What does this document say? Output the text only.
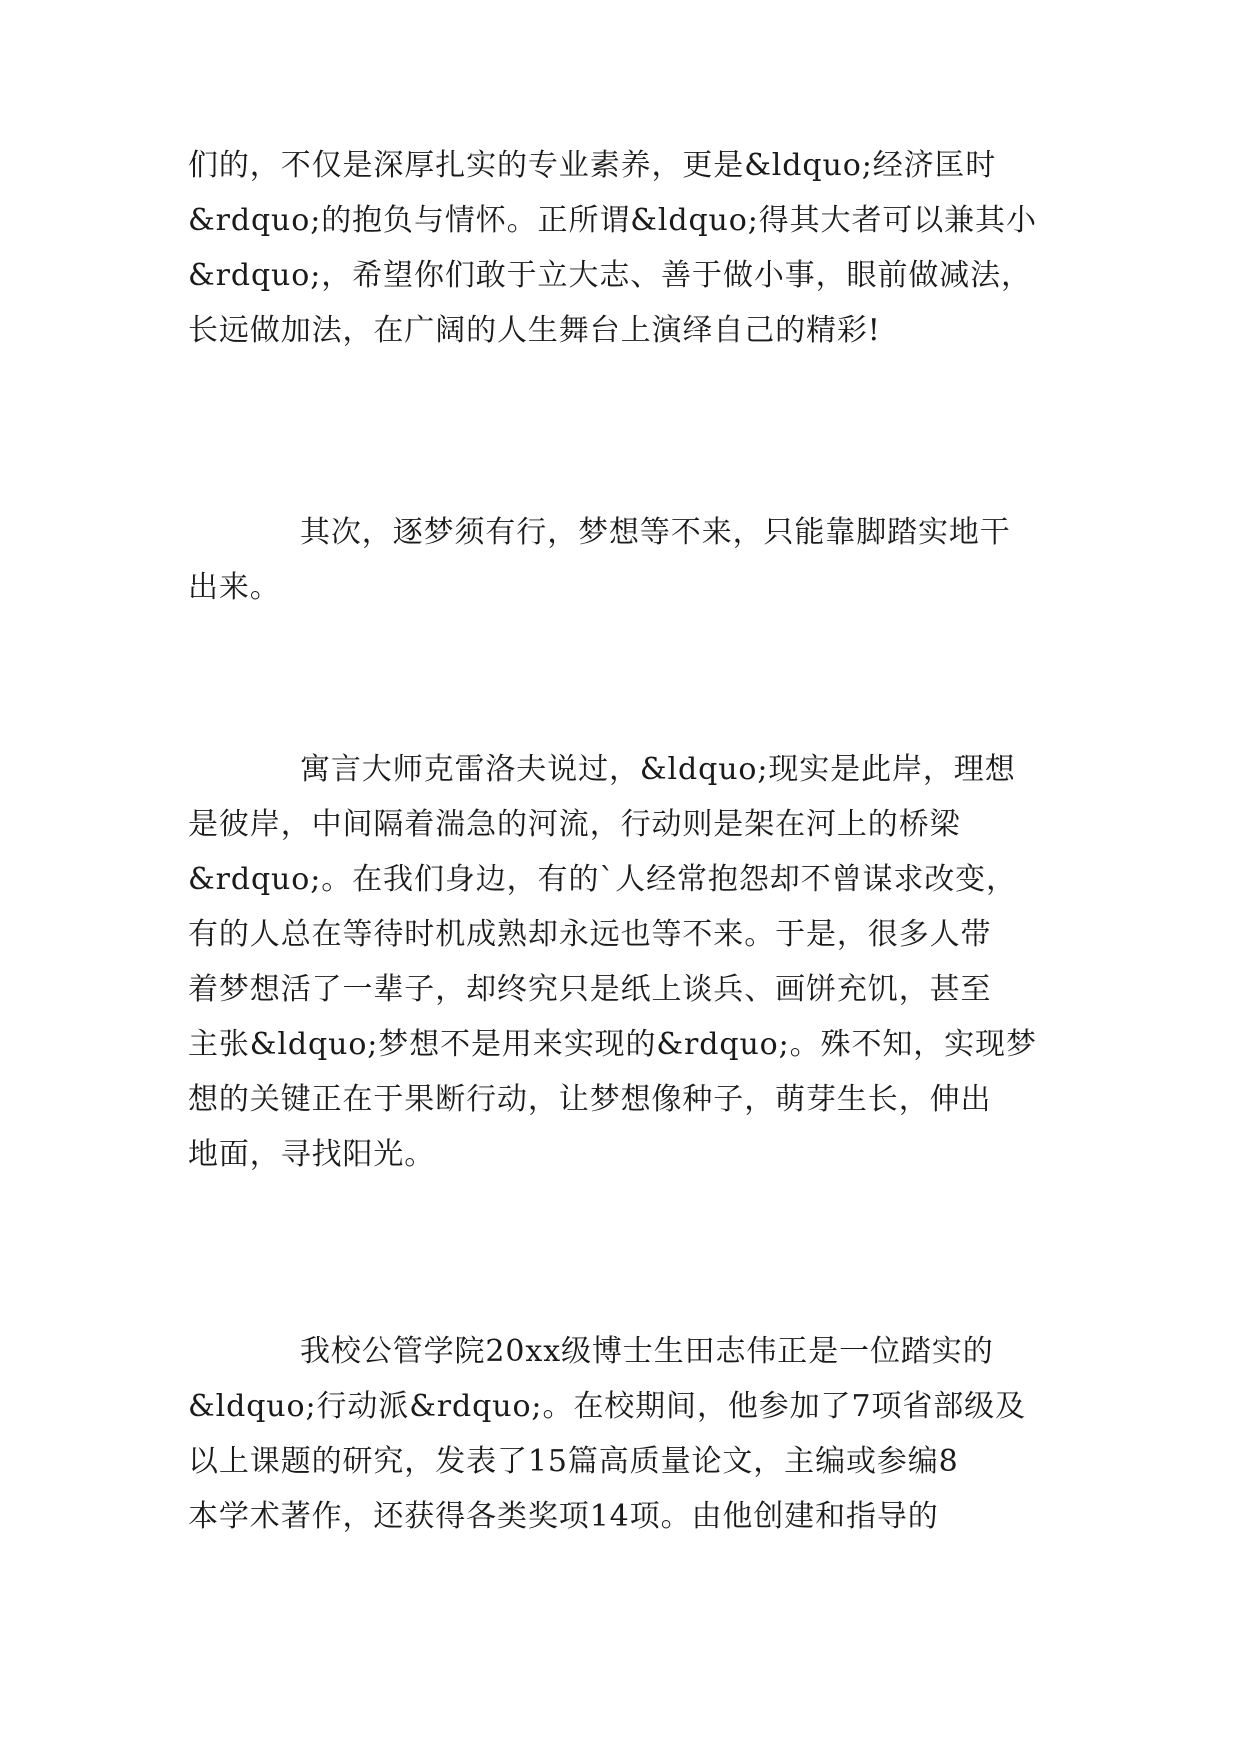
们的，不仅是深厚扎实的专业素养，更是&ldquo;经济匡时
&rdquo;的抱负与情怀。正所谓&ldquo;得其大者可以兼其小
&rdquo;，希望你们敢于立大志、善于做小事，眼前做减法，
长远做加法，在广阔的人生舞台上演绎自己的精彩!

其次，逐梦须有行，梦想等不来，只能靠脚踏实地干
出来。

寓言大师克雷洛夫说过，&ldquo;现实是此岸，理想
是彼岸，中间隔着湍急的河流，行动则是架在河上的桥梁
&rdquo;。在我们身边，有的`人经常抱怨却不曾谋求改变，
有的人总在等待时机成熟却永远也等不来。于是，很多人带
着梦想活了一辈子，却终究只是纸上谈兵、画饼充饥，甚至
主张&ldquo;梦想不是用来实现的&rdquo;。殊不知，实现梦
想的关键正在于果断行动，让梦想像种子，萌芽生长，伸出
地面，寻找阳光。

我校公管学院20xx级博士生田志伟正是一位踏实的
&ldquo;行动派&rdquo;。在校期间，他参加了7项省部级及
以上课题的研究，发表了15篇高质量论文，主编或参编8
本学术著作，还获得各类奖项14项。由他创建和指导的
